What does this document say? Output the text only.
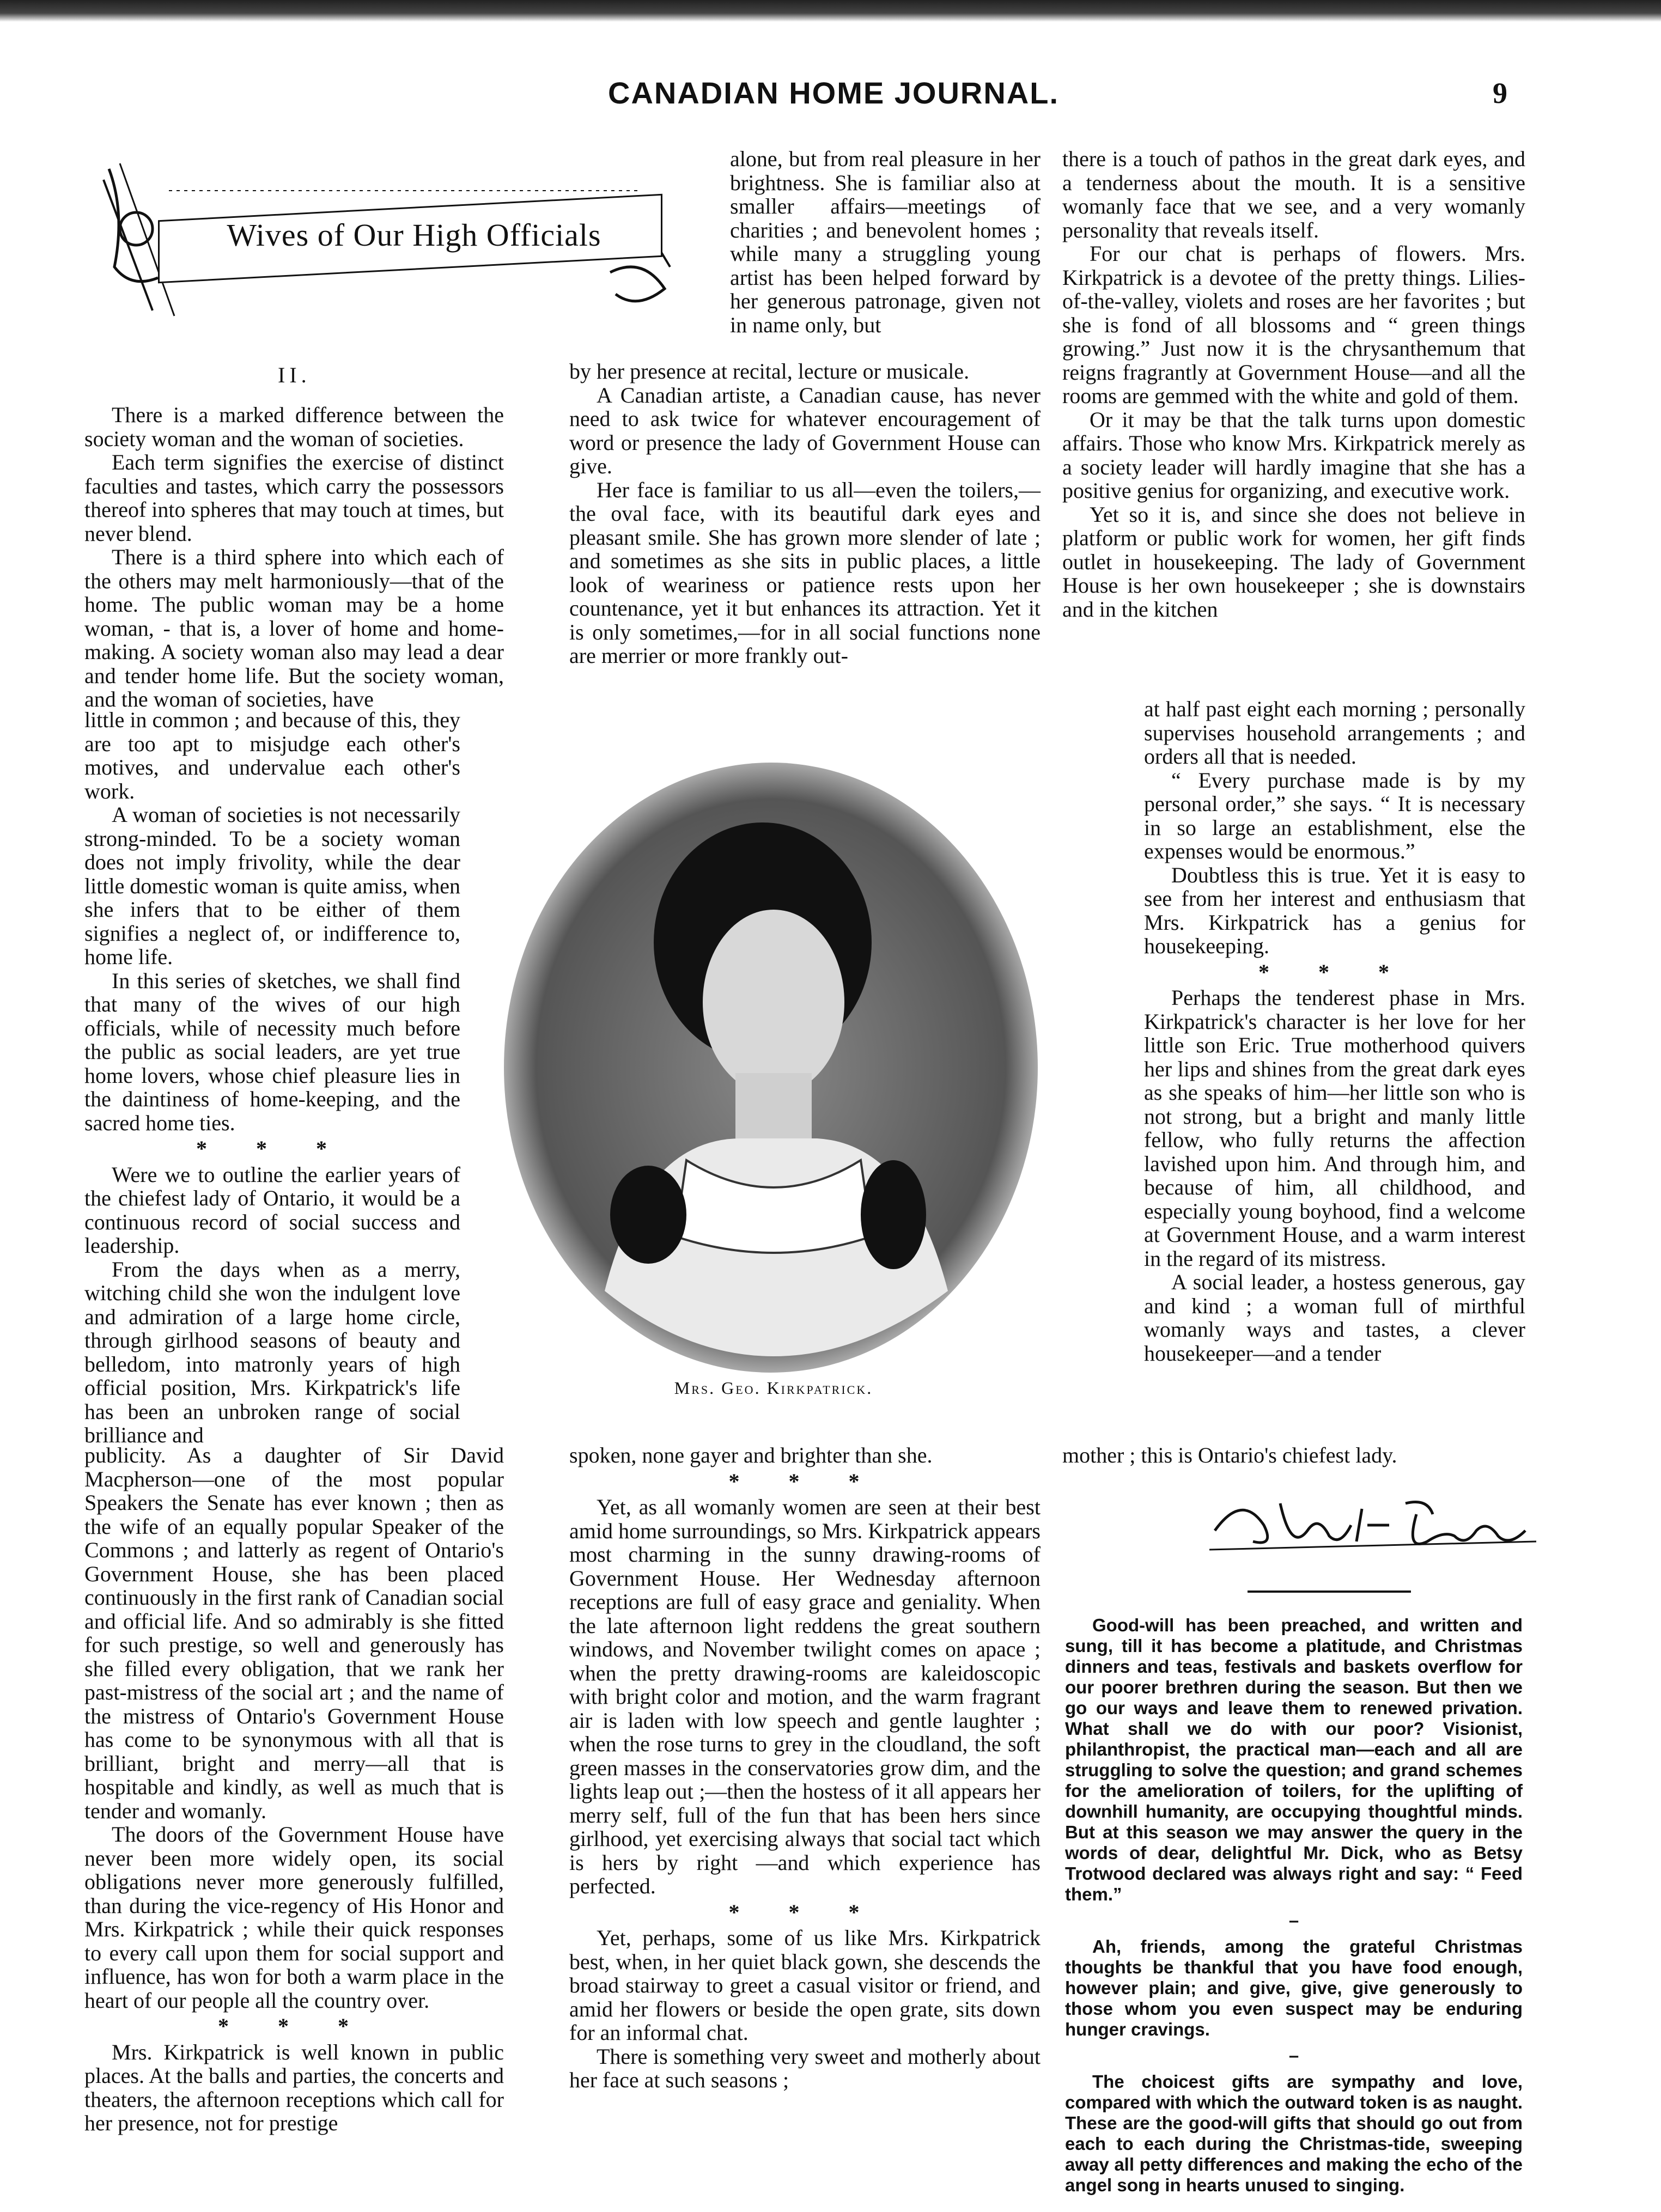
CANADIAN HOME JOURNAL.	9
Wives of Our High Officials
II.

There is a marked difference between the society woman and the woman of societies.

Each term signifies the exercise of distinct faculties and tastes, which carry the possessors thereof into spheres that may touch at times, but never blend.

There is a third sphere into which each of the others may melt harmoniously—that of the home. The public woman may be a home woman, - that is, a lover of home and home-making. A society woman also may lead a dear and tender home life. But the society woman, and the woman of societies, have

little in common ; and because of this, they are too apt to misjudge each other's motives, and undervalue each other's work.

A woman of societies is not necessarily strong-minded. To be a society woman does not imply frivolity, while the dear little domestic woman is quite amiss, when she infers that to be either of them signifies a neglect of, or indifference to, home life.

In this series of sketches, we shall find that many of the wives of our high officials, while of necessity much before the public as social leaders, are yet true home lovers, whose chief pleasure lies in the daintiness of home-keeping, and the sacred home ties.

* * *

Were we to outline the earlier years of the chiefest lady of Ontario, it would be a continuous record of social success and leadership.

From the days when as a merry, witching child she won the indulgent love and admiration of a large home circle, through girlhood seasons of beauty and belledom, into matronly years of high official position, Mrs. Kirkpatrick's life has been an unbroken range of social brilliance and

publicity. As a daughter of Sir David Macpherson—one of the most popular Speakers the Senate has ever known ; then as the wife of an equally popular Speaker of the Commons ; and latterly as regent of Ontario's Government House, she has been placed continuously in the first rank of Canadian social and official life. And so admirably is she fitted for such prestige, so well and generously has she filled every obligation, that we rank her past-mistress of the social art ; and the name of the mistress of Ontario's Government House has come to be synonymous with all that is brilliant, bright and merry—all that is hospitable and kindly, as well as much that is tender and womanly.

The doors of the Government House have never been more widely open, its social obligations never more generously fulfilled, than during the vice-regency of His Honor and Mrs. Kirkpatrick ; while their quick responses to every call upon them for social support and influence, has won for both a warm place in the heart of our people all the country over.

* * *

Mrs. Kirkpatrick is well known in public places. At the balls and parties, the concerts and theaters, the afternoon receptions which call for her presence, not for prestige

alone, but from real pleasure in her brightness. She is familiar also at smaller affairs—meetings of charities ; and benevolent homes ; while many a struggling young artist has been helped forward by her generous patronage, given not in name only, but

by her presence at recital, lecture or musicale.

A Canadian artiste, a Canadian cause, has never need to ask twice for whatever encouragement of word or presence the lady of Government House can give.

Her face is familiar to us all—even the toilers,—the oval face, with its beautiful dark eyes and pleasant smile. She has grown more slender of late ; and sometimes as she sits in public places, a little look of weariness or patience rests upon her countenance, yet it but enhances its attraction. Yet it is only sometimes,—for in all social functions none are merrier or more frankly out-

Mrs. Geo. Kirkpatrick.

spoken, none gayer and brighter than she.

* * *

Yet, as all womanly women are seen at their best amid home surroundings, so Mrs. Kirkpatrick appears most charming in the sunny drawing-rooms of Government House. Her Wednesday afternoon receptions are full of easy grace and geniality. When the late afternoon light reddens the great southern windows, and November twilight comes on apace ; when the pretty drawing-rooms are kaleidoscopic with bright color and motion, and the warm fragrant air is laden with low speech and gentle laughter ; when the rose turns to grey in the cloudland, the soft green masses in the conservatories grow dim, and the lights leap out ;—then the hostess of it all appears her merry self, full of the fun that has been hers since girlhood, yet exercising always that social tact which is hers by right —and which experience has perfected.

* * *

Yet, perhaps, some of us like Mrs. Kirkpatrick best, when, in her quiet black gown, she descends the broad stairway to greet a casual visitor or friend, and amid her flowers or beside the open grate, sits down for an informal chat.

There is something very sweet and motherly about her face at such seasons ;

there is a touch of pathos in the great dark eyes, and a tenderness about the mouth. It is a sensitive womanly face that we see, and a very womanly personality that reveals itself.

For our chat is perhaps of flowers. Mrs. Kirkpatrick is a devotee of the pretty things. Lilies-of-the-valley, violets and roses are her favorites ; but she is fond of all blossoms and “ green things growing.” Just now it is the chrysanthemum that reigns fragrantly at Government House—and all the rooms are gemmed with the white and gold of them.

Or it may be that the talk turns upon domestic affairs. Those who know Mrs. Kirkpatrick merely as a society leader will hardly imagine that she has a positive genius for organizing, and executive work.

Yet so it is, and since she does not believe in platform or public work for women, her gift finds outlet in housekeeping. The lady of Government House is her own housekeeper ; she is downstairs and in the kitchen

at half past eight each morning ; personally supervises household arrangements ; and orders all that is needed.

“ Every purchase made is by my personal order,” she says. “ It is necessary in so large an establishment, else the expenses would be enormous.”

Doubtless this is true. Yet it is easy to see from her interest and enthusiasm that Mrs. Kirkpatrick has a genius for housekeeping.

* * *

Perhaps the tenderest phase in Mrs. Kirkpatrick's character is her love for her little son Eric. True motherhood quivers her lips and shines from the great dark eyes as she speaks of him—her little son who is not strong, but a bright and manly little fellow, who fully returns the affection lavished upon him. And through him, and because of him, all childhood, and especially young boyhood, find a welcome at Government House, and a warm interest in the regard of its mistress.

A social leader, a hostess generous, gay and kind ; a woman full of mirthful womanly ways and tastes, a clever housekeeper—and a tender

mother ; this is Ontario's chiefest lady.

Good-will has been preached, and written and sung, till it has become a platitude, and Christmas dinners and teas, festivals and baskets overflow for our poorer brethren during the season. But then we go our ways and leave them to renewed privation. What shall we do with our poor? Visionist, philanthropist, the practical man—each and all are struggling to solve the question; and grand schemes for the amelioration of toilers, for the uplifting of downhill humanity, are occupying thoughtful minds. But at this season we may answer the query in the words of dear, delightful Mr. Dick, who as Betsy Trotwood declared was always right and say: “ Feed them.”

–

Ah, friends, among the grateful Christmas thoughts be thankful that you have food enough, however plain; and give, give, give generously to those whom you even suspect may be enduring hunger cravings.

–

The choicest gifts are sympathy and love, compared with which the outward token is as naught. These are the good-will gifts that should go out from each to each during the Christmas-tide, sweeping away all petty differences and making the echo of the angel song in hearts unused to singing.
